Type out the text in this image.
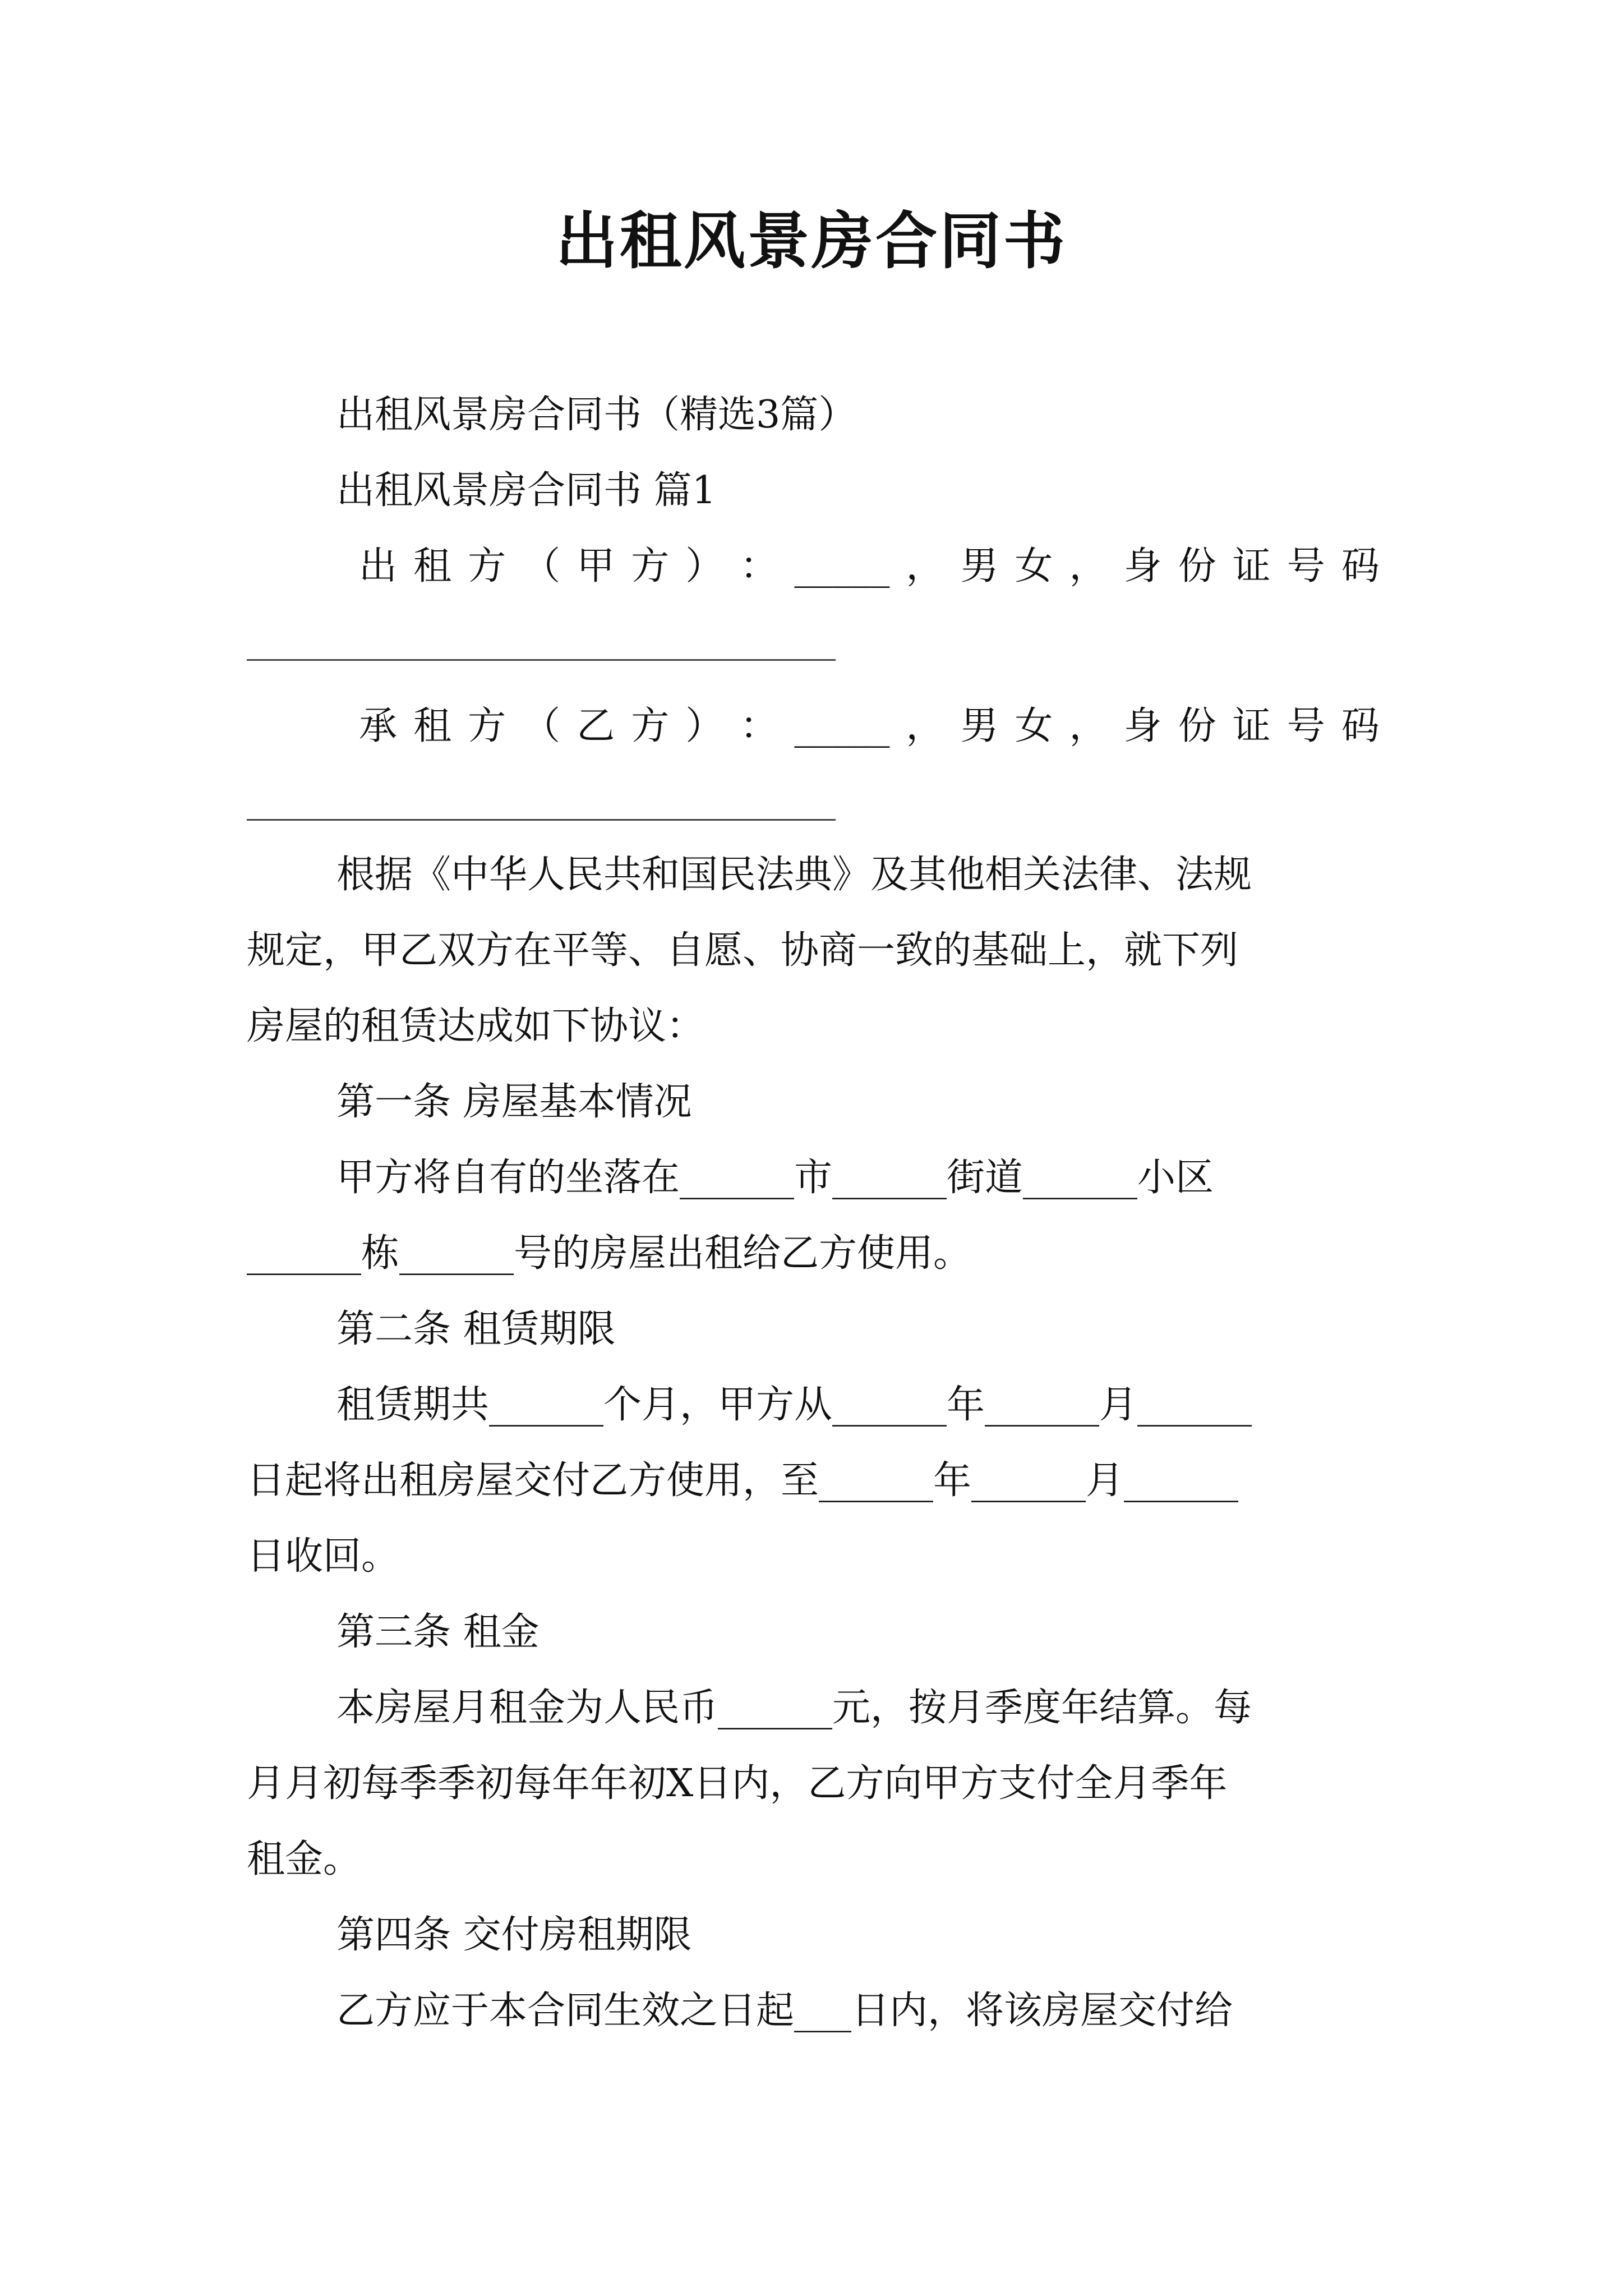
出租风景房合同书

出租风景房合同书（精选3篇）

出租风景房合同书 篇1

出 租 方 （ 甲 方 ） ： _____ ， 男 女 ， 身 份 证 号 码
承 租 方 （ 乙 方 ） ： _____ ， 男 女 ， 身 份 证 号 码

根据《中华人民共和国民法典》及其他相关法律、法规

规定，甲乙双方在平等、自愿、协商一致的基础上，就下列

房屋的租赁达成如下协议：

第一条 房屋基本情况

甲方将自有的坐落在______市______街道______小区

______栋______号的房屋出租给乙方使用。

第二条 租赁期限

租赁期共______个月，甲方从______年______月______

日起将出租房屋交付乙方使用，至______年______月______

日收回。

第三条 租金

本房屋月租金为人民币______元，按月季度年结算。每

月月初每季季初每年年初X日内，乙方向甲方支付全月季年

租金。

第四条 交付房租期限

乙方应于本合同生效之日起___日内，将该房屋交付给
